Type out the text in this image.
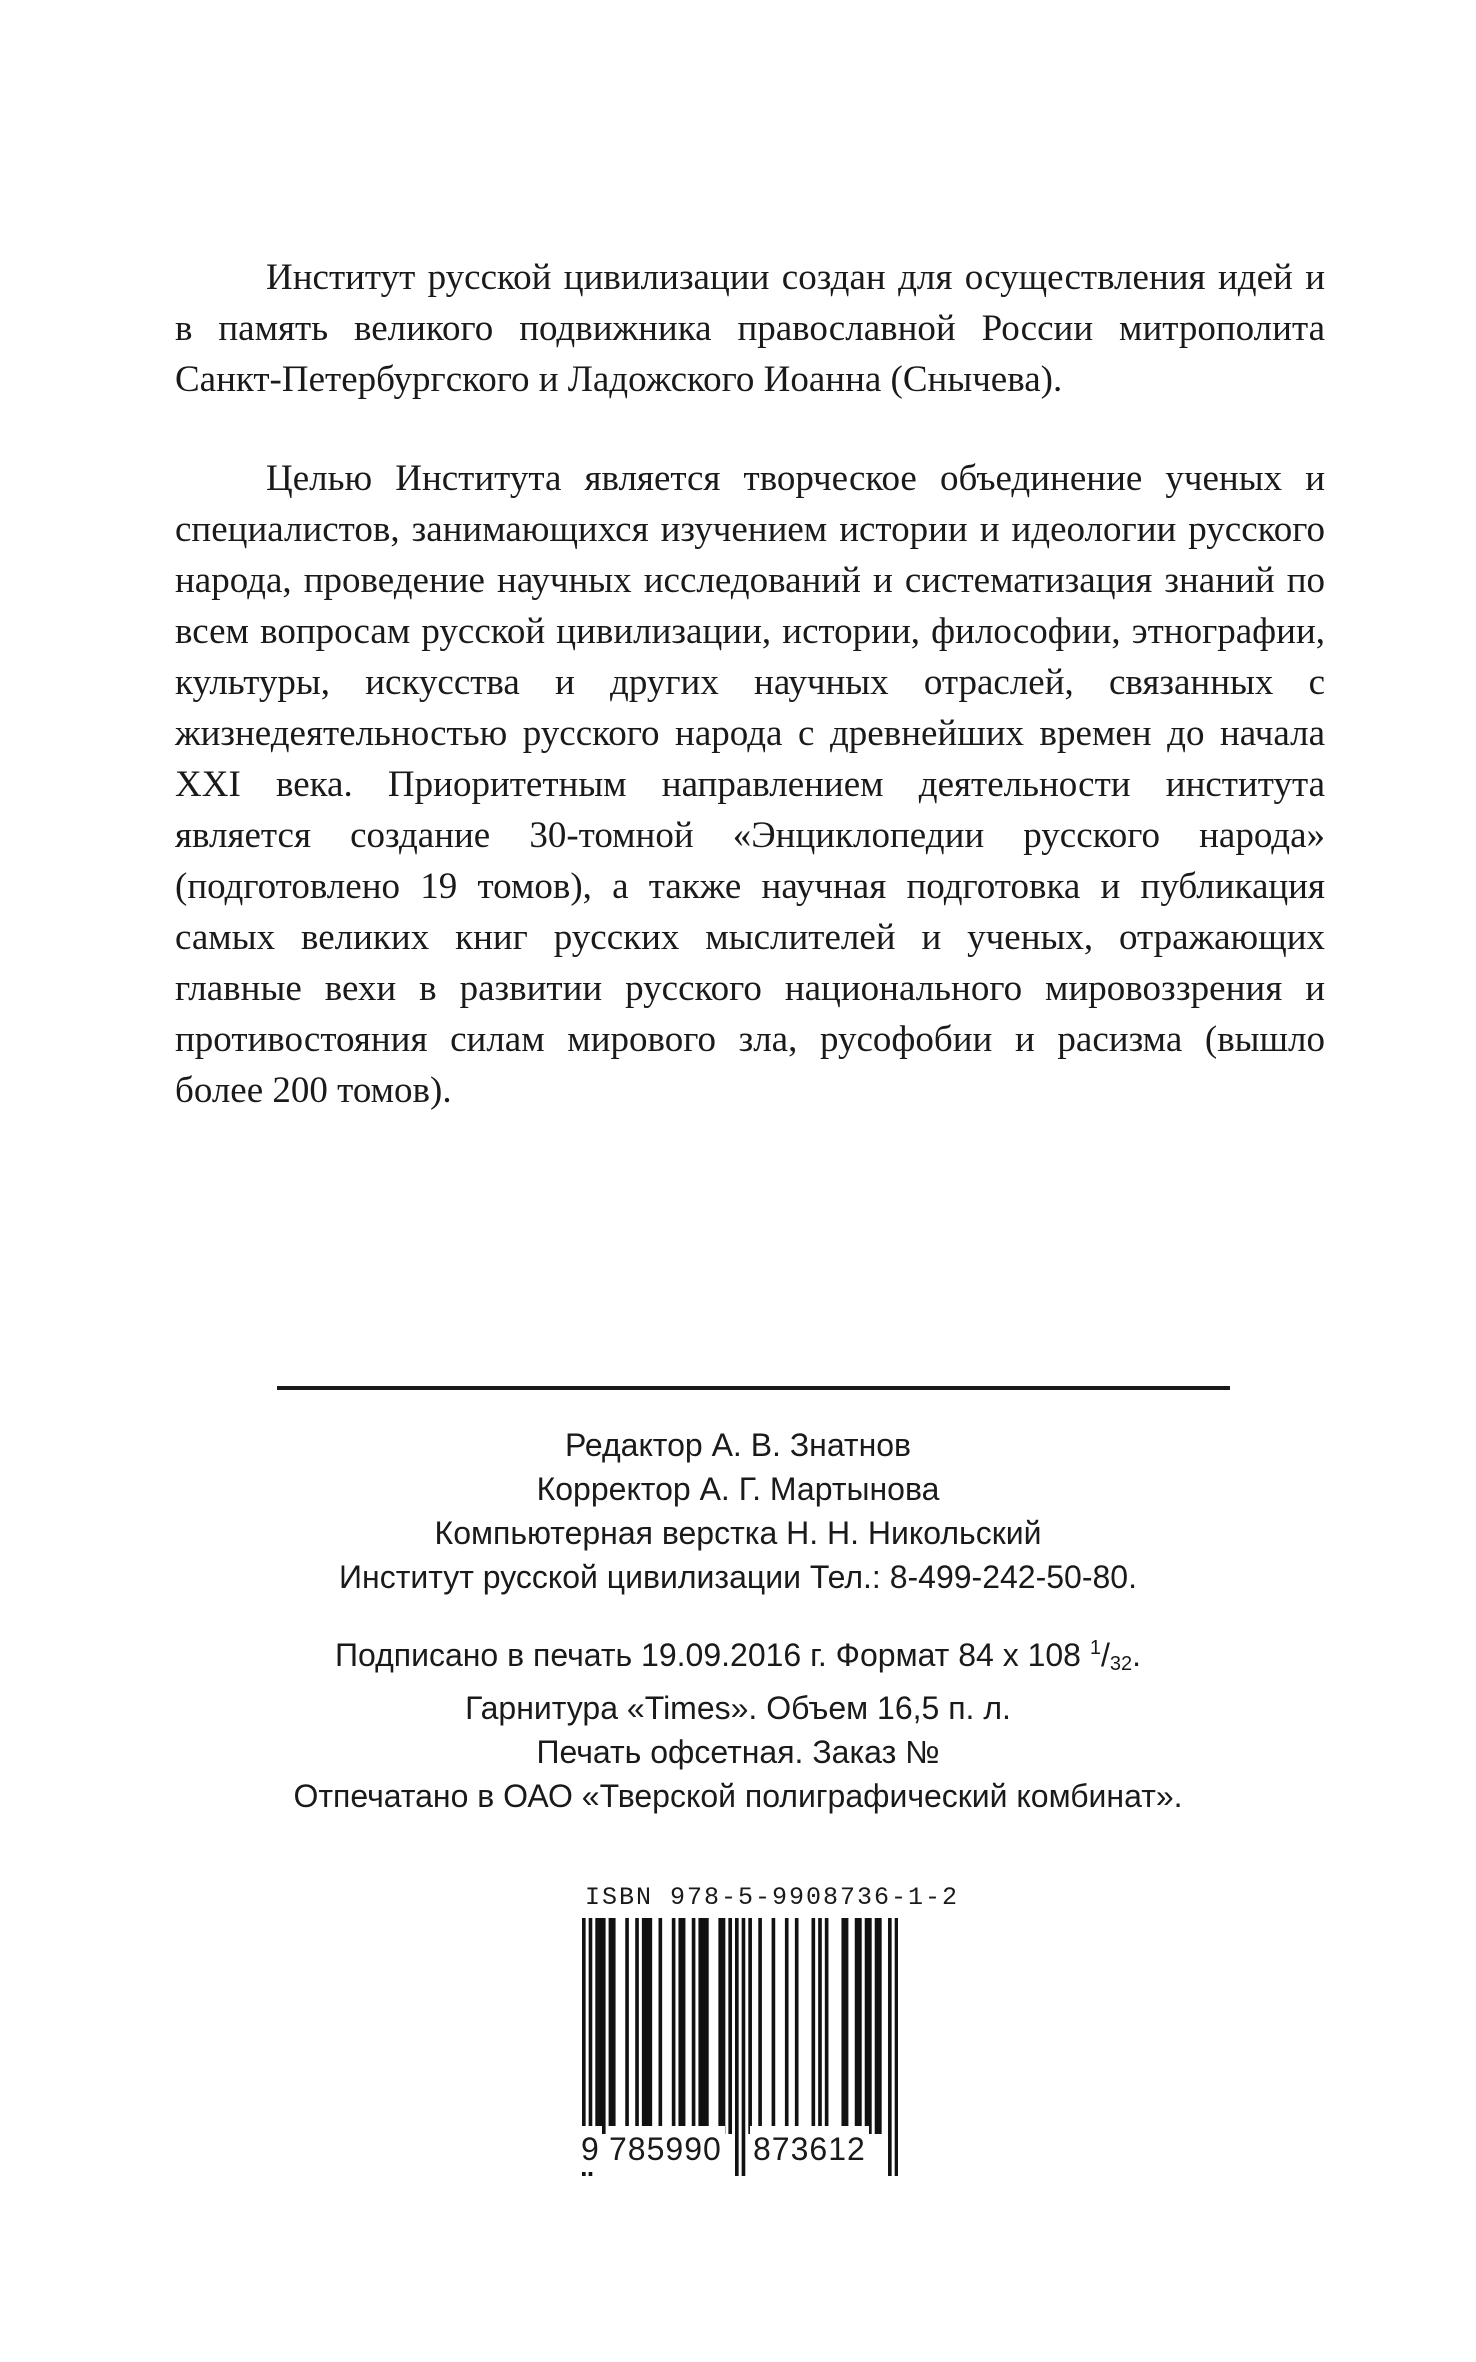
Институт русской цивилизации создан для осуществления идей и в память великого подвижника православной России митрополита Санкт-Петербургского и Ладожского Иоанна (Снычева).

Целью Института является творческое объединение ученых и специалистов, занимающихся изучением истории и идеологии русского народа, проведение научных исследований и систематизация знаний по всем вопросам русской цивилизации, истории, философии, этнографии, культуры, искусства и других научных отраслей, связанных с жизнедеятельностью русского народа с древнейших времен до начала XXI века. Приоритетным направлением деятельности института является создание 30-томной «Энциклопедии русского народа» (подготовлено 19 томов), а также научная подготовка и публикация самых великих книг русских мыслителей и ученых, отражающих главные вехи в развитии русского национального мировоззрения и противостояния силам мирового зла, русофобии и расизма (вышло более 200 томов).

Редактор А. В. Знатнов
Корректор А. Г. Мартынова
Компьютерная верстка Н. Н. Никольский
Институт русской цивилизации Тел.: 8-499-242-50-80.
Подписано в печать 19.09.2016 г. Формат 84 x 108 $^1/_{32}$.
Гарнитура «Times». Объем 16,5 п. л.
Печать офсетная. Заказ №
Отпечатано в ОАО «Тверской полиграфический комбинат».
ISBN 978-5-9908736-1-2
9 785990 873612
